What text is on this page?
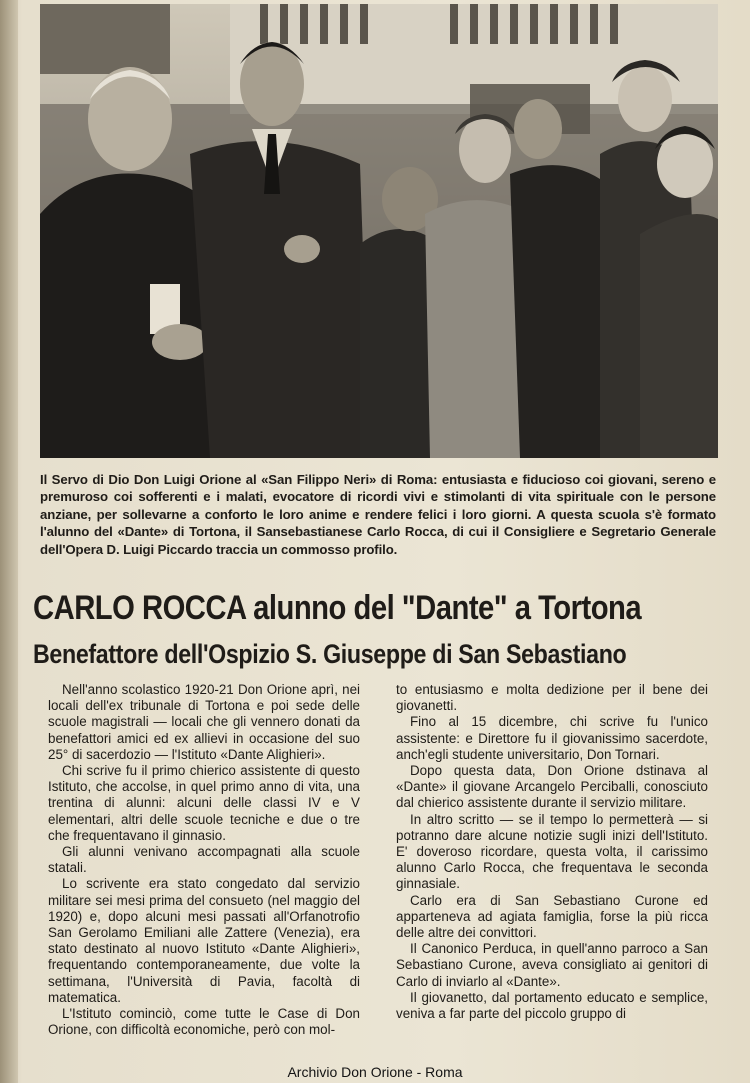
Il Servo di Dio Don Luigi Orione al «San Filippo Neri» di Roma: entusiasta e fiducioso coi giovani, sereno e premuroso coi sofferenti e i malati, evocatore di ricordi vivi e stimolanti di vita spirituale con le persone anziane, per sollevarne a conforto le loro anime e rendere felici i loro giorni. A questa scuola s'è formato l'alunno del «Dante» di Tortona, il Sansebastianese Carlo Rocca, di cui il Consigliere e Segretario Generale dell'Opera D. Luigi Piccardo traccia un commosso profilo.
CARLO ROCCA alunno del "Dante" a Tortona
Benefattore dell'Ospizio S. Giuseppe di San Sebastiano

Nell'anno scolastico 1920-21 Don Orione aprì, nei locali dell'ex tribunale di Tortona e poi sede delle scuole magistrali — locali che gli vennero donati da benefattori amici ed ex allievi in occasione del suo 25° di sacerdozio — l'Istituto «Dante Alighieri».

Chi scrive fu il primo chierico assistente di questo Istituto, che accolse, in quel primo anno di vita, una trentina di alunni: alcuni delle classi IV e V elementari, altri delle scuole tecniche e due o tre che frequentavano il ginnasio.

Gli alunni venivano accompagnati alla scuole statali.

Lo scrivente era stato congedato dal servizio militare sei mesi prima del consueto (nel maggio del 1920) e, dopo alcuni mesi passati all'Orfanotrofio San Gerolamo Emiliani alle Zattere (Venezia), era stato destinato al nuovo Istituto «Dante Alighieri», frequentando contemporaneamente, due volte la settimana, l'Università di Pavia, facoltà di matematica.

L'Istituto cominciò, come tutte le Case di Don Orione, con difficoltà economiche, però con mol-

to entusiasmo e molta dedizione per il bene dei giovanetti.

Fino al 15 dicembre, chi scrive fu l'unico assistente: e Direttore fu il giovanissimo sacerdote, anch'egli studente universitario, Don Tornari.

Dopo questa data, Don Orione dstinava al «Dante» il giovane Arcangelo Perciballi, conosciuto dal chierico assistente durante il servizio militare.

In altro scritto — se il tempo lo permetterà — si potranno dare alcune notizie sugli inizi dell'Istituto. E' doveroso ricordare, questa volta, il carissimo alunno Carlo Rocca, che frequentava le seconda ginnasiale.

Carlo era di San Sebastiano Curone ed apparteneva ad agiata famiglia, forse la più ricca delle altre dei convittori.

Il Canonico Perduca, in quell'anno parroco a San Sebastiano Curone, aveva consigliato ai genitori di Carlo di inviarlo al «Dante».

Il giovanetto, dal portamento educato e semplice, veniva a far parte del piccolo gruppo di

Archivio Don Orione - Roma
